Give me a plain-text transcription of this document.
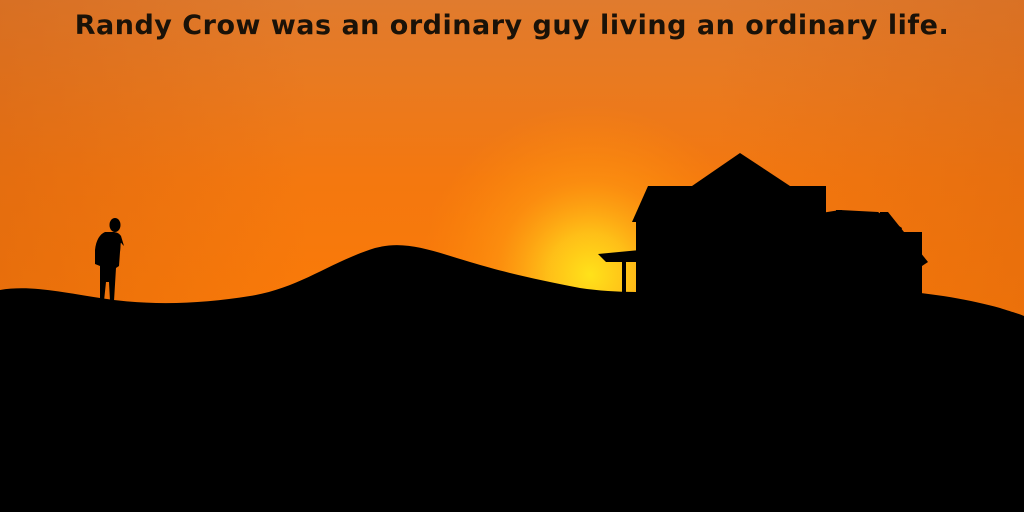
Randy Crow was an ordinary guy living an ordinary life.
